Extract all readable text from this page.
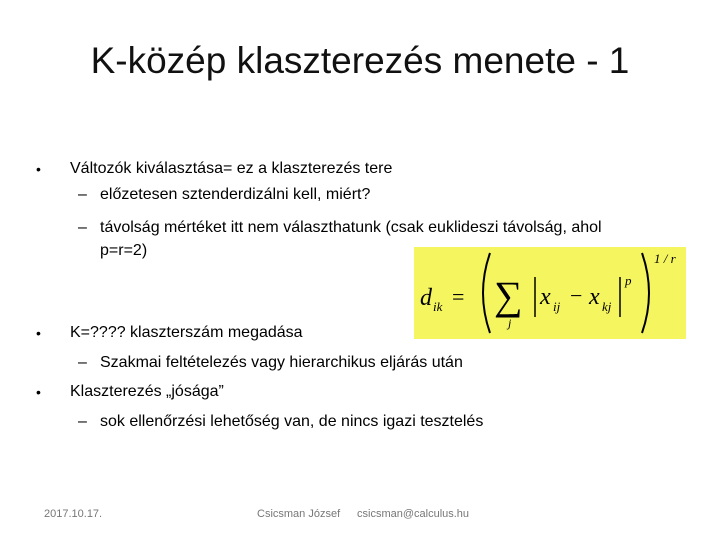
K-közép klaszterezés menete - 1
•	Változók kiválasztása= ez a klaszterezés tere
– előzetesen sztenderdizálni kell, miért?
– távolság mértéket itt nem választhatunk (csak euklideszi távolság, ahol
p=r=2)
•	K=???? klaszterszám megadása
– Szakmai feltételezés vagy hierarchikus eljárás után
•	Klaszterezés „jósága”
– sok ellenőrzési lehetőség van, de nincs igazi tesztelés
d ik = ∑
j
x ij − x kj
p
1 / r
2017.10.17.	Csicsman József csicsman@calculus.hu
